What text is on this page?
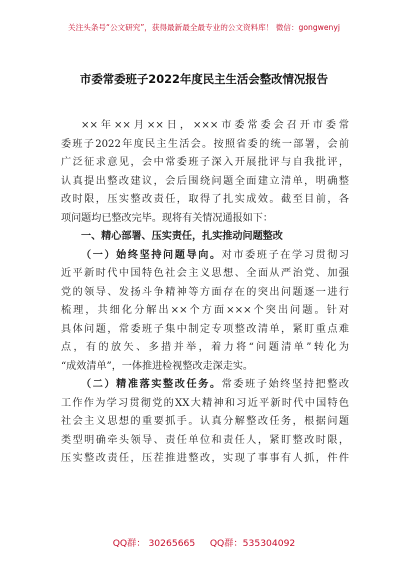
关注头条号“公文研究”，获得最新最全最专业的公文资料库！ 微信：gongwenyj
市委常委班子2022年度民主生活会整改情况报告
××年××月××日，×××市委常委会召开市委常
委班子2022年度民主生活会。按照省委的统一部署，会前
广泛征求意见，会中常委班子深入开展批评与自我批评，
认真提出整改建议，会后围绕问题全面建立清单，明确整
改时限，压实整改责任，取得了扎实成效。截至目前，各
项问题均已整改完毕。现将有关情况通报如下：
一、精心部署、压实责任，扎实推动问题整改
（一）始终坚持问题导向。对市委班子在学习贯彻习
近平新时代中国特色社会主义思想、全面从严治党、加强
党的领导、发扬斗争精神等方面存在的突出问题逐一进行
梳理，共细化分解出××个方面×××个突出问题。针对
具体问题，常委班子集中制定专项整改清单，紧盯重点难
点，有的放矢、多措并举，着力将“问题清单”转化为
“成效清单”，一体推进检视整改走深走实。
（二）精准落实整改任务。常委班子始终坚持把整改
工作作为学习贯彻党的XX大精神和习近平新时代中国特色
社会主义思想的重要抓手。认真分解整改任务，根据问题
类型明确牵头领导、责任单位和责任人，紧盯整改时限，
压实整改责任，压茬推进整改，实现了事事有人抓，件件
QQ群： 30265665     QQ群：535304092
